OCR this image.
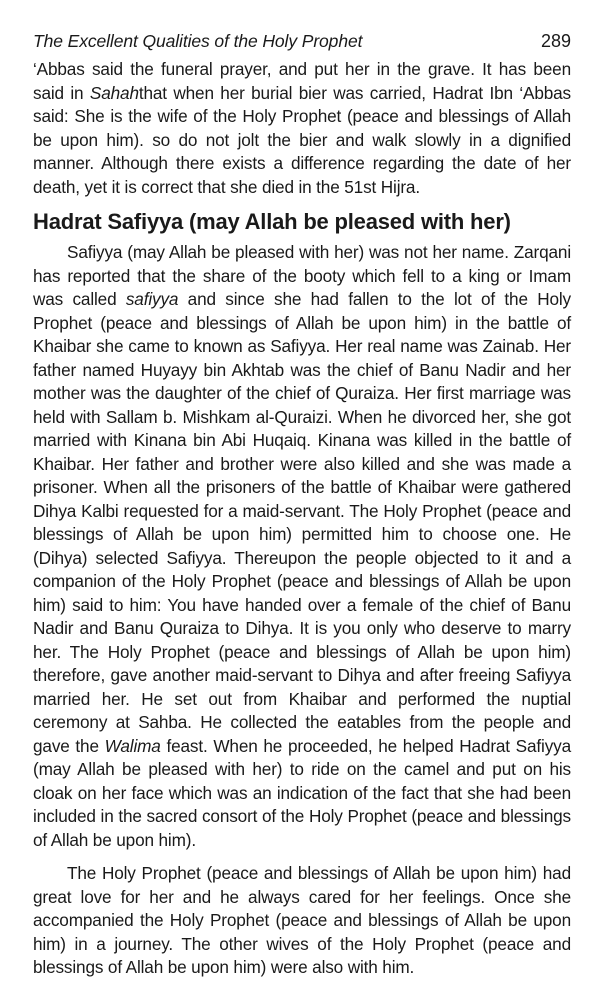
The Excellent Qualities of the Holy Prophet	289

‘Abbas said the funeral prayer, and put her in the grave. It has been said in Sahahthat when her burial bier was carried, Hadrat Ibn ‘Abbas said: She is the wife of the Holy Prophet (peace and blessings of Allah be upon him). so do not jolt the bier and walk slowly in a dignified manner. Although there exists a difference regarding the date of her death, yet it is correct that she died in the 51st Hijra.

Hadrat Safiyya (may Allah be pleased with her)

Safiyya (may Allah be pleased with her) was not her name. Zarqani has reported that the share of the booty which fell to a king or Imam was called safiyya and since she had fallen to the lot of the Holy Prophet (peace and blessings of Allah be upon him) in the battle of Khaibar she came to known as Safiyya. Her real name was Zainab. Her father named Huyayy bin Akhtab was the chief of Banu Nadir and her mother was the daughter of the chief of Quraiza. Her first marriage was held with Sallam b. Mishkam al-Quraizi. When he divorced her, she got married with Kinana bin Abi Huqaiq. Kinana was killed in the battle of Khaibar. Her father and brother were also killed and she was made a prisoner. When all the prisoners of the battle of Khaibar were gathered Dihya Kalbi requested for a maid-servant. The Holy Prophet (peace and blessings of Allah be upon him) permitted him to choose one. He (Dihya) selected Safiyya. Thereupon the people objected to it and a companion of the Holy Prophet (peace and blessings of Allah be upon him) said to him: You have handed over a female of the chief of Banu Nadir and Banu Quraiza to Dihya. It is you only who deserve to marry her. The Holy Prophet (peace and blessings of Allah be upon him) therefore, gave another maid-servant to Dihya and after freeing Safiyya married her. He set out from Khaibar and performed the nuptial ceremony at Sahba. He collected the eatables from the people and gave the Walima feast. When he proceeded, he helped Hadrat Safiyya (may Allah be pleased with her) to ride on the camel and put on his cloak on her face which was an indication of the fact that she had been included in the sacred consort of the Holy Prophet (peace and blessings of Allah be upon him).

The Holy Prophet (peace and blessings of Allah be upon him) had great love for her and he always cared for her feelings. Once she accompanied the Holy Prophet (peace and blessings of Allah be upon him) in a journey. The other wives of the Holy Prophet (peace and blessings of Allah be upon him) were also with him.
